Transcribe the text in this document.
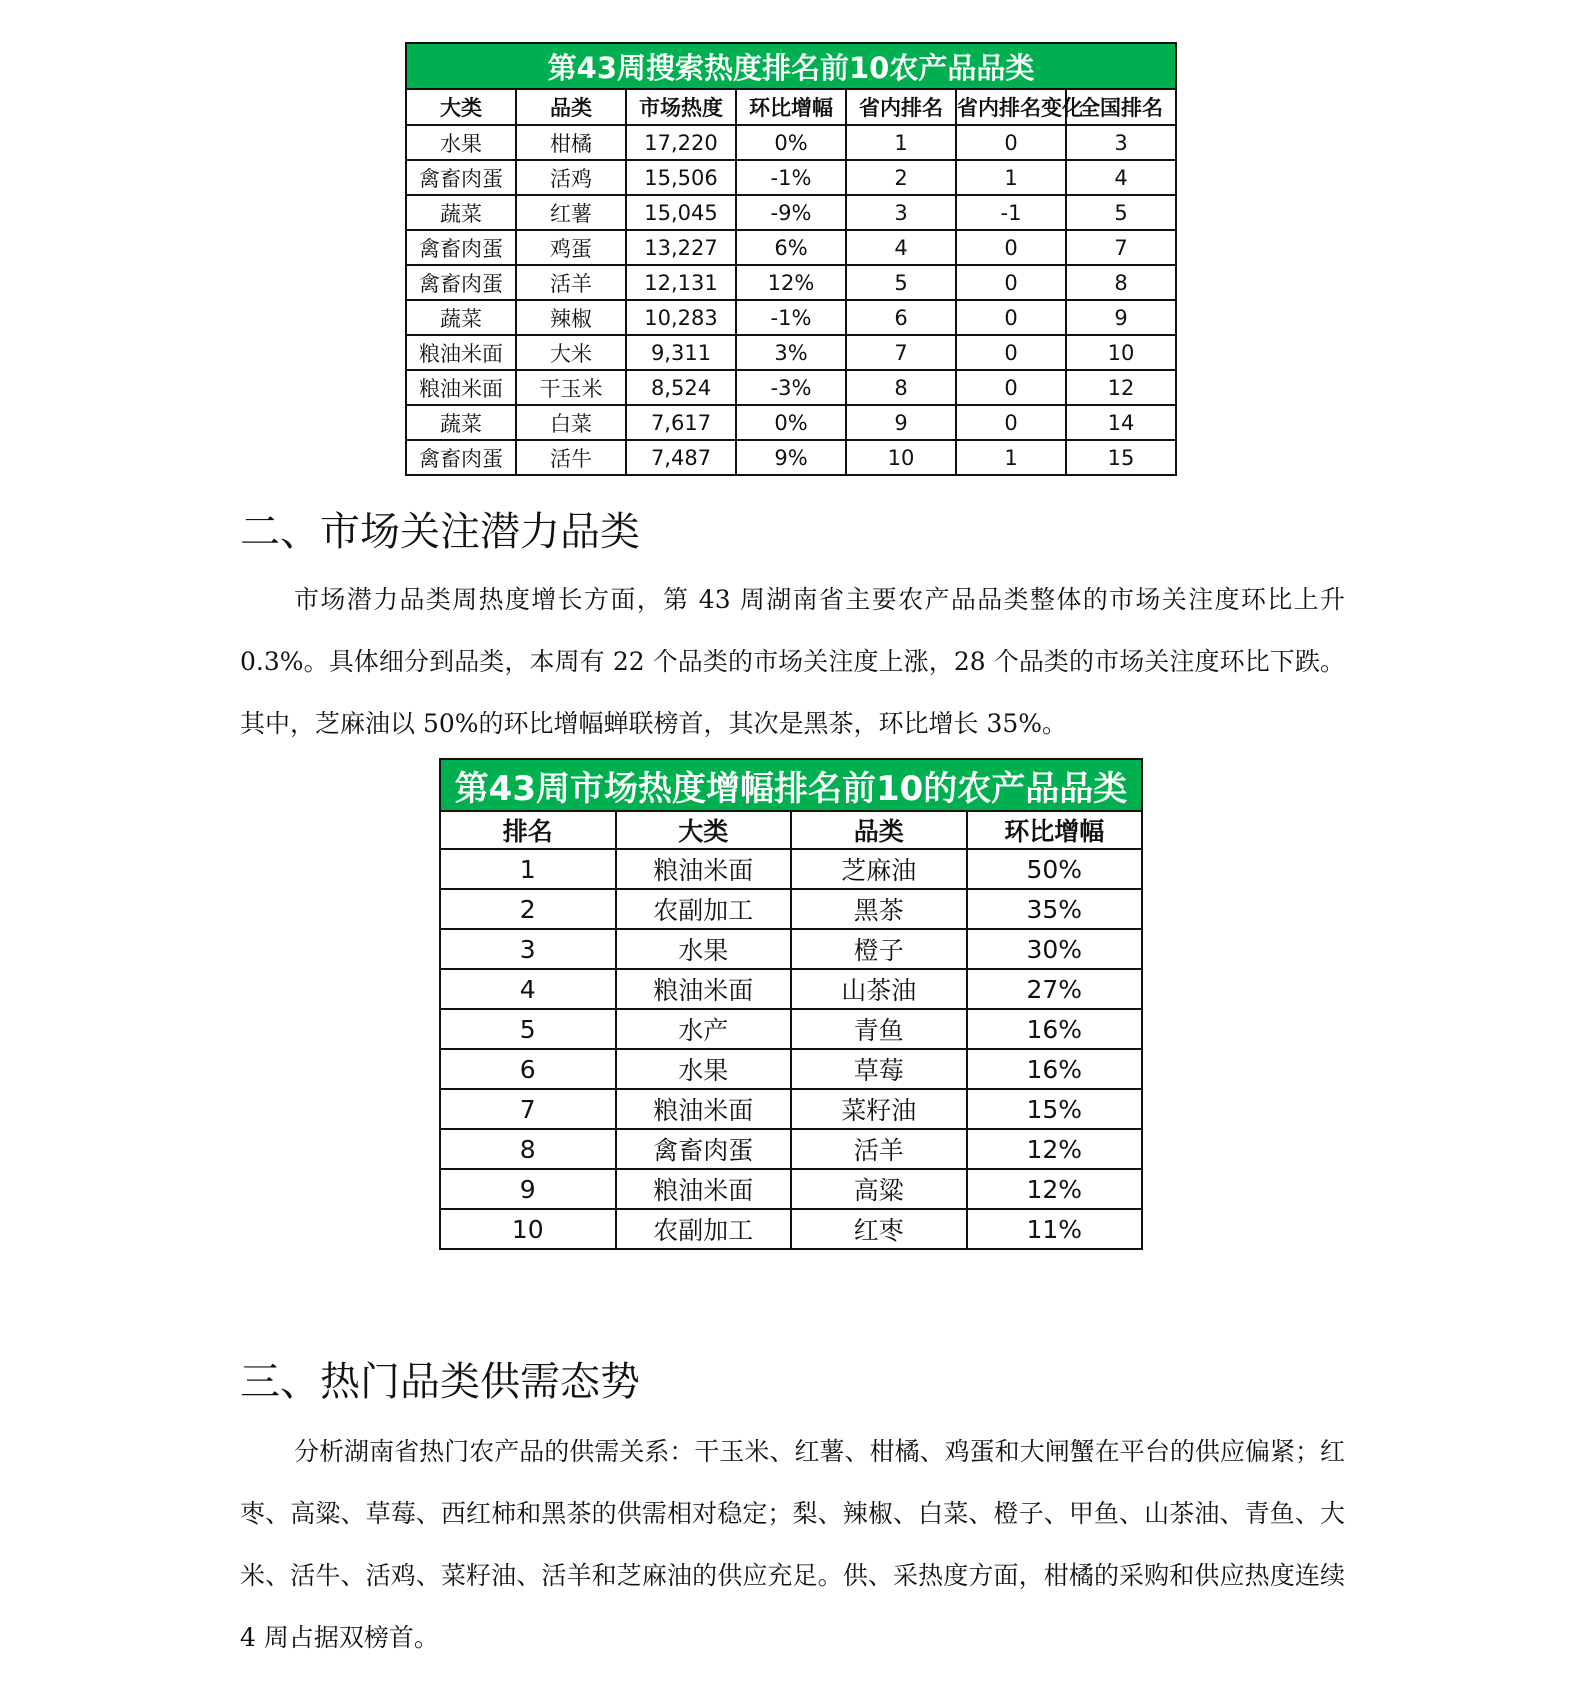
第43周搜索热度排名前10农产品品类						
大类	品类	市场热度	环比增幅	省内排名	省内排名变化	全国排名
水果	柑橘	17,220	0%	1	0	3
禽畜肉蛋	活鸡	15,506	-1%	2	1	4
蔬菜	红薯	15,045	-9%	3	-1	5
禽畜肉蛋	鸡蛋	13,227	6%	4	0	7
禽畜肉蛋	活羊	12,131	12%	5	0	8
蔬菜	辣椒	10,283	-1%	6	0	9
粮油米面	大米	9,311	3%	7	0	10
粮油米面	干玉米	8,524	-3%	8	0	12
蔬菜	白菜	7,617	0%	9	0	14
禽畜肉蛋	活牛	7,487	9%	10	1	15
二、市场关注潜力品类

市场潜力品类周热度增长方面，第 43 周湖南省主要农产品品类整体的市场关注度环比上升 0.3%。具体细分到品类，本周有 22 个品类的市场关注度上涨，28 个品类的市场关注度环比下跌。其中，芝麻油以 50%的环比增幅蝉联榜首，其次是黑茶，环比增长 35%。

第43周市场热度增幅排名前10的农产品品类			
排名	大类	品类	环比增幅
1	粮油米面	芝麻油	50%
2	农副加工	黑茶	35%
3	水果	橙子	30%
4	粮油米面	山茶油	27%
5	水产	青鱼	16%
6	水果	草莓	16%
7	粮油米面	菜籽油	15%
8	禽畜肉蛋	活羊	12%
9	粮油米面	高粱	12%
10	农副加工	红枣	11%
三、热门品类供需态势

分析湖南省热门农产品的供需关系：干玉米、红薯、柑橘、鸡蛋和大闸蟹在平台的供应偏紧；红枣、高粱、草莓、西红柿和黑茶的供需相对稳定；梨、辣椒、白菜、橙子、甲鱼、山茶油、青鱼、大米、活牛、活鸡、菜籽油、活羊和芝麻油的供应充足。供、采热度方面，柑橘的采购和供应热度连续 4 周占据双榜首。
